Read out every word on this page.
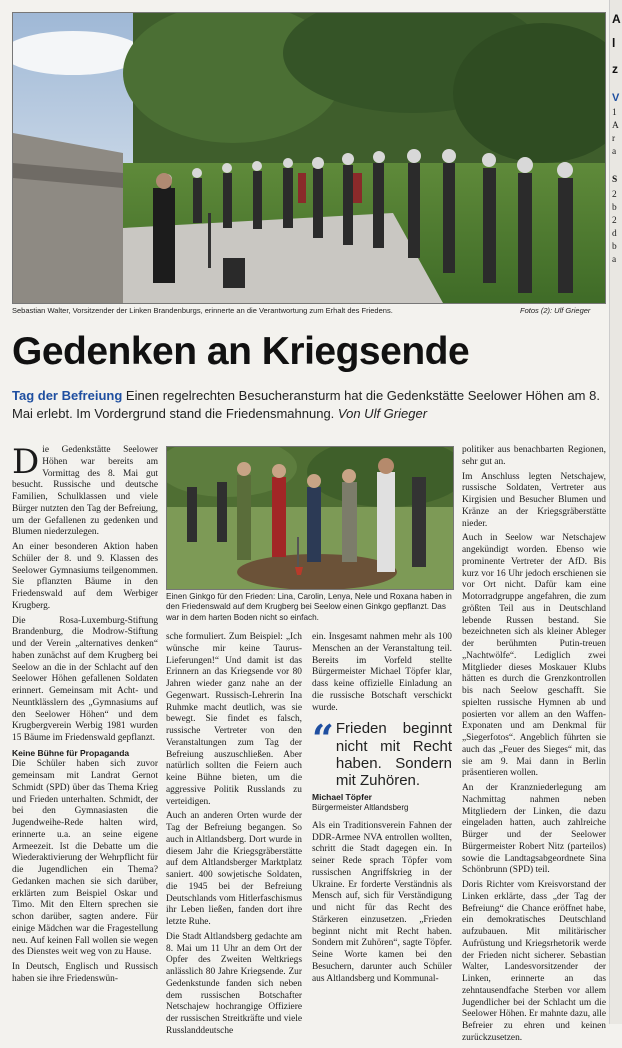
Sebastian Walter, Vorsitzender der Linken Brandenburgs, erinnerte an die Verantwortung zum Erhalt des Friedens.	Fotos (2): Ulf Grieger
Gedenken an Kriegsende
Tag der Befreiung Einen regelrechten Besucheransturm hat die Gedenkstätte Seelower Höhen am 8. Mai erlebt. Im Vordergrund stand die Friedensmahnung. Von Ulf Grieger
Einen Ginkgo für den Frieden: Lina, Carolin, Lenya, Nele und Roxana haben in den Friedenswald auf dem Krugberg bei Seelow einen Ginkgo gepflanzt. Das war in dem harten Boden nicht so einfach.

Die Gedenkstätte Seelower Höhen war bereits am Vormittag des 8. Mai gut besucht. Russische und deutsche Familien, Schulklassen und viele Bürger nutzten den Tag der Befreiung, um der Gefallenen zu gedenken und Blumen niederzulegen.

An einer besonderen Aktion haben Schüler der 8. und 9. Klassen des Seelower Gymnasiums teilgenommen. Sie pflanzten Bäume in den Friedenswald auf dem Werbiger Krugberg.

Die Rosa-Luxemburg-Stiftung Brandenburg, die Modrow-Stiftung und der Verein „alternatives denken“ haben zunächst auf dem Krugberg bei Seelow an die in der Schlacht auf den Seelower Höhen gefallenen Soldaten erinnert. Gemeinsam mit Acht- und Neuntklässlern des „Gymnasiums auf den Seelower Höhen“ und dem Krugbergverein Werbig 1981 wurden 15 Bäume im Friedenswald gepflanzt.

Keine Bühne für Propaganda

Die Schüler haben sich zuvor gemeinsam mit Landrat Gernot Schmidt (SPD) über das Thema Krieg und Frieden unterhalten. Schmidt, der bei den Gymnasiasten die Jugendweihe-Rede halten wird, erinnerte u.a. an seine eigene Armeezeit. Ist die Debatte um die Wiederaktivierung der Wehrpflicht für die Jugendlichen ein Thema? Gedanken machen sie sich darüber, erklärten zum Beispiel Oskar und Timo. Mit den Eltern sprechen sie schon darüber, sagten andere. Für einige Mädchen war die Fragestellung neu. Auf keinen Fall wollen sie wegen des Dienstes weit weg von zu Hause.

In Deutsch, Englisch und Russisch haben sie ihre Friedenswün-

sche formuliert. Zum Beispiel: „Ich wünsche mir keine Taurus-Lieferungen!“ Und damit ist das Erinnern an das Kriegsende vor 80 Jahren wieder ganz nahe an der Gegenwart. Russisch-Lehrerin Ina Ruhmke macht deutlich, was sie bewegt. Sie findet es falsch, russische Vertreter von den Veranstaltungen zum Tag der Befreiung auszuschließen. Aber natürlich sollten die Feiern auch keine Bühne bieten, um die aggressive Politik Russlands zu verteidigen.

Auch an anderen Orten wurde der Tag der Befreiung begangen. So auch in Altlandsberg. Dort wurde in diesem Jahr die Kriegsgräberstätte auf dem Altlandsberger Marktplatz saniert. 400 sowjetische Soldaten, die 1945 bei der Befreiung Deutschlands vom Hitlerfaschismus ihr Leben ließen, fanden dort ihre letzte Ruhe.

Die Stadt Altlandsberg gedachte am 8. Mai um 11 Uhr an dem Ort der Opfer des Zweiten Weltkriegs anlässlich 80 Jahre Kriegsende. Zur Gedenkstunde fanden sich neben dem russischen Botschafter Netschajew hochrangige Offiziere der russischen Streitkräfte und viele Russlanddeutsche

ein. Insgesamt nahmen mehr als 100 Menschen an der Veranstaltung teil. Bereits im Vorfeld stellte Bürgermeister Michael Töpfer klar, dass keine offizielle Einladung an die russische Botschaft verschickt wurde.

“ Frieden beginnt nicht mit Recht haben. Sondern mit Zuhören.
Michael Töpfer
Bürgermeister Altlandsberg

Als ein Traditionsverein Fahnen der DDR-Armee NVA entrollen wollten, schritt die Stadt dagegen ein. In seiner Rede sprach Töpfer vom russischen Angriffskrieg in der Ukraine. Er forderte Verständnis als Mensch auf, sich für Verständigung und nicht für das Recht des Stärkeren einzusetzen. „Frieden beginnt nicht mit Recht haben. Sondern mit Zuhören“, sagte Töpfer. Seine Worte kamen bei den Besuchern, darunter auch Schüler aus Altlandsberg und Kommunal-

politiker aus benachbarten Regionen, sehr gut an.

Im Anschluss legten Netschajew, russische Soldaten, Vertreter aus Kirgisien und Besucher Blumen und Kränze an der Kriegsgräberstätte nieder.

Auch in Seelow war Netschajew angekündigt worden. Ebenso wie prominente Vertreter der AfD. Bis kurz vor 16 Uhr jedoch erschienen sie vor Ort nicht. Dafür kam eine Motorradgruppe angefahren, die zum größten Teil aus in Deutschland lebende Russen bestand. Sie bezeichneten sich als kleiner Ableger der berühmten Putin-treuen „Nachtwölfe“. Lediglich zwei Mitglieder dieses Moskauer Klubs hätten es durch die Grenzkontrollen bis nach Seelow geschafft. Sie spielten russische Hymnen ab und posierten vor allem an den Waffen-Exponaten und am Denkmal für „Siegerfotos“. Angeblich führten sie auch das „Feuer des Sieges“ mit, das sie am 9. Mai dann in Berlin präsentieren wollen.

An der Kranzniederlegung am Nachmittag nahmen neben Mitgliedern der Linken, die dazu eingeladen hatten, auch zahlreiche Bürger und der Seelower Bürgermeister Robert Nitz (parteilos) sowie die Landtagsabgeordnete Sina Schönbrunn (SPD) teil.

Doris Richter vom Kreisvorstand der Linken erklärte, dass „der Tag der Befreiung“ die Chance eröffnet habe, ein demokratisches Deutschland aufzubauen. Mit militärischer Aufrüstung und Kriegsrhetorik werde der Frieden nicht sicherer. Sebastian Walter, Landesvorsitzender der Linken, erinnerte an das zehntausendfache Sterben vor allem Jugendlicher bei der Schlacht um die Seelower Höhen. Er mahnte dazu, alle Befreier zu ehren und keinen zurückzusetzen.

A
l
z
V
1
A
r
a
S
2
b
2
d
b
a
